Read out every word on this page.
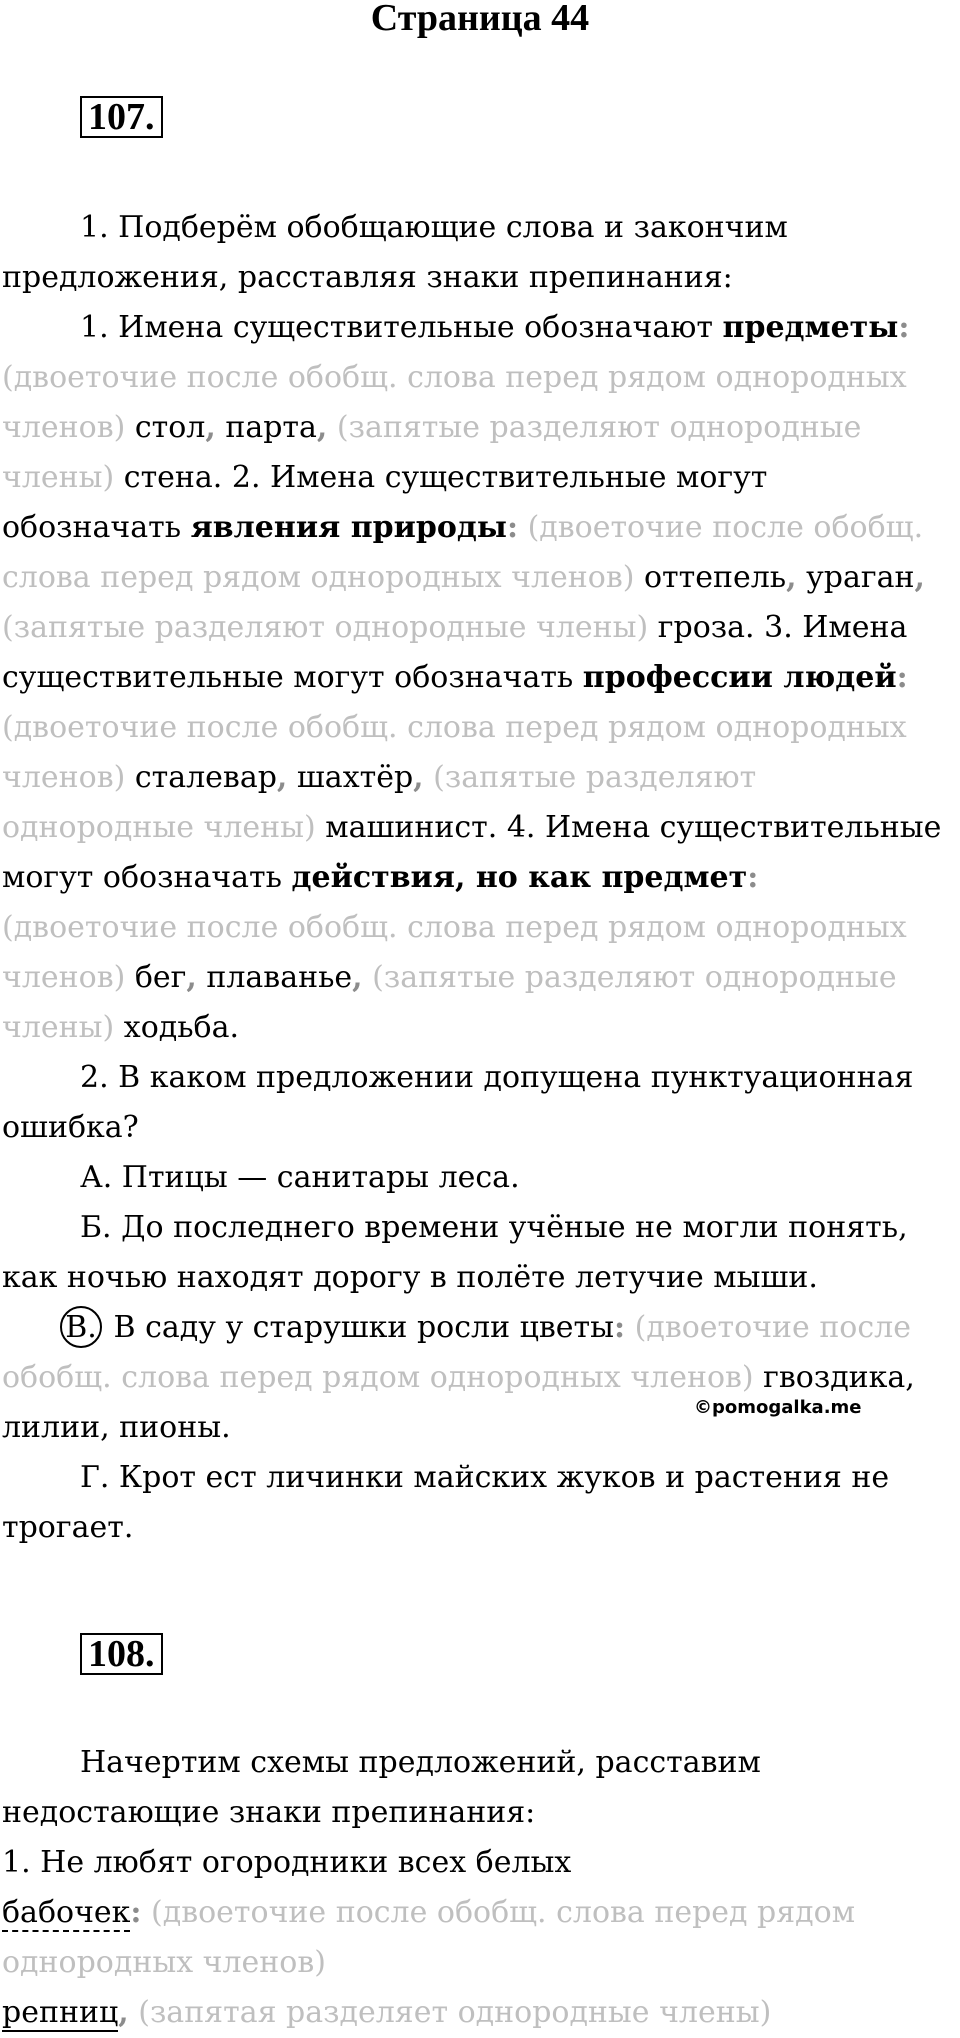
Страница 44
107.

1. Подберём обобщающие слова и закончим предложения, расставляя знаки препинания:

1. Имена существительные обозначают предметы: (двоеточие после обобщ. слова перед рядом однородных членов) стол, парта, (запятые разделяют однородные члены) стена. 2. Имена существительные могут обозначать явления природы: (двоеточие после обобщ. слова перед рядом однородных членов) оттепель, ураган, (запятые разделяют однородные члены) гроза. 3. Имена существительные могут обозначать профессии людей: (двоеточие после обобщ. слова перед рядом однородных членов) сталевар, шахтёр, (запятые разделяют однородные члены) машинист. 4. Имена существительные могут обозначать действия, но как предмет: (двоеточие после обобщ. слова перед рядом однородных членов) бег, плаванье, (запятые разделяют однородные члены) ходьба.

2. В каком предложении допущена пунктуационная ошибка?

А. Птицы — санитары леса.

Б. До последнего времени учёные не могли понять, как ночью находят дорогу в полёте летучие мыши.

В. В саду у старушки росли цветы: (двоеточие после обобщ. слова перед рядом однородных членов) гвоздика, лилии, пионы.

Г. Крот ест личинки майских жуков и растения не трогает.

©pomogalka.me
108.

Начертим схемы предложений, расставим недостающие знаки препинания:

1. Не любят огородники всех белых

бабочек: (двоеточие после обобщ. слова перед рядом однородных членов)

репниц, (запятая разделяет однородные члены)
